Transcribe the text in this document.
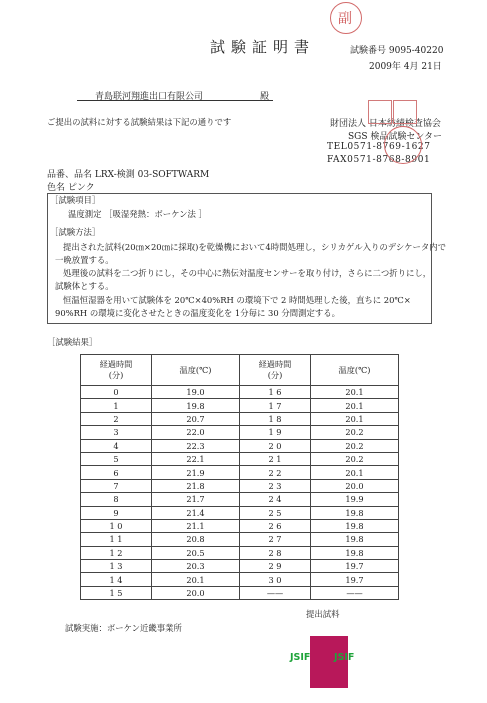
試験証明書	試験番号 9095-40220
2009年 4月 21日
副
青島联河翔進出口有限公司	殿
ご提出の試料に対する試験結果は下記の通りです	財団法人 日本紡績検査協会
SGS 検品試験センター
TEL0571-8769-1627
FAX0571-8768-8901
品番、品名 LRX-検測 03-SOFTWARM
色名 ピンク
［試験項目］
温度測定 ［吸湿発熱：ボーケン法 ］
［試験方法］
提出された試料(20㎝×20㎝に採取)を乾燥機において4時間処理し，シリカゲル入りのデシケータ内で
一晩放置する。
処理後の試料を二つ折りにし，その中心に熱伝対温度センサーを取り付け，さらに二つ折りにし，
試験体とする。
恒温恒湿器を用いて試験体を 20℃×40%RH の環境下で 2 時間処理した後，直ちに 20℃×
90%RH の環境に変化させたときの温度変化を 1分毎に 30 分間測定する。
［試験結果］
経過時間
(分)	温度(℃)	経過時間
(分)	温度(℃)
0	19.0	1 6	20.1
1	19.8	1 7	20.1
2	20.7	1 8	20.1
3	22.0	1 9	20.2
4	22.3	2 0	20.2
5	22.1	2 1	20.2
6	21.9	2 2	20.1
7	21.8	2 3	20.0
8	21.7	2 4	19.9
9	21.4	2 5	19.8
1 0	21.1	2 6	19.8
1 1	20.8	2 7	19.8
1 2	20.5	2 8	19.8
1 3	20.3	2 9	19.7
1 4	20.1	3 0	19.7
1 5	20.0	——	——
試験実施：ボーケン近畿事業所
提出試料
JSIF JSIF
